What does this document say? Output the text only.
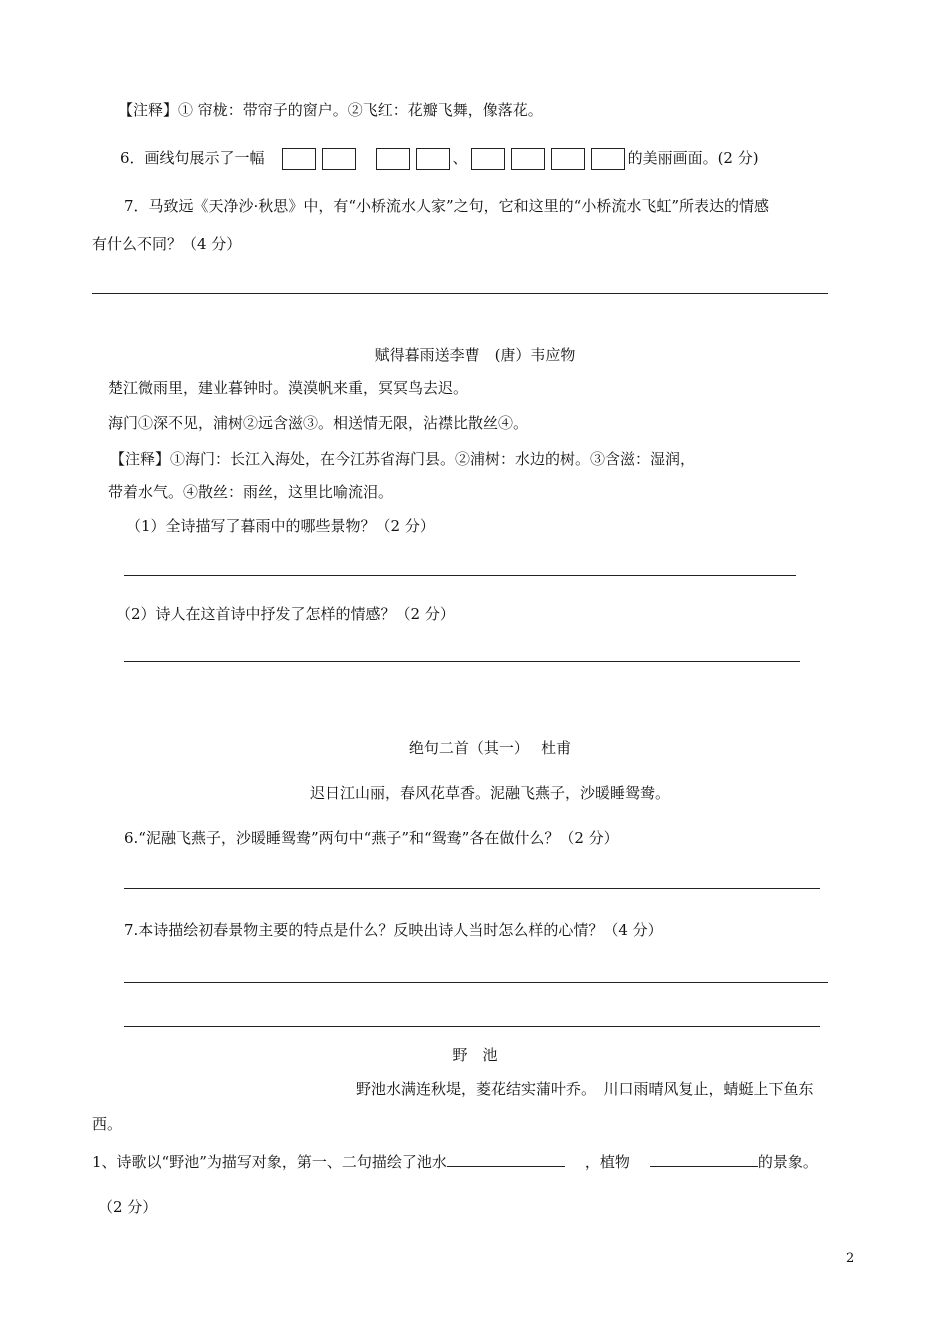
【注释】① 帘栊：带帘子的窗户。②飞红：花瓣飞舞，像落花。
6．画线句展示了一幅	、	的美丽画面。(2 分)
7．马致远《天净沙·秋思》中，有“小桥流水人家”之句，它和这里的“小桥流水飞虹”所表达的情感
有什么不同？（4 分）
赋得暮雨送李曹　(唐）韦应物
楚江微雨里，建业暮钟时。漠漠帆来重，冥冥鸟去迟。
海门①深不见，浦树②远含滋③。相送情无限，沾襟比散丝④。
【注释】①海门：长江入海处，在今江苏省海门县。②浦树：水边的树。③含滋：湿润，
带着水气。④散丝：雨丝，这里比喻流泪。
（1）全诗描写了暮雨中的哪些景物？（2 分）
（2）诗人在这首诗中抒发了怎样的情感？（2 分）
绝句二首（其一）　 杜甫
迟日江山丽，春风花草香。泥融飞燕子，沙暖睡鸳鸯。
6.“泥融飞燕子，沙暖睡鸳鸯”两句中“燕子”和“鸳鸯”各在做什么？（2 分）
7.本诗描绘初春景物主要的特点是什么？反映出诗人当时怎么样的心情？（4 分）
野　池
野池水满连秋堤，菱花结实蒲叶乔。　川口雨晴风复止，蜻蜓上下鱼东
西。
1、诗歌以“野池”为描写对象，第一、二句描绘了池水	，植物	的景象。
（2 分）
2
